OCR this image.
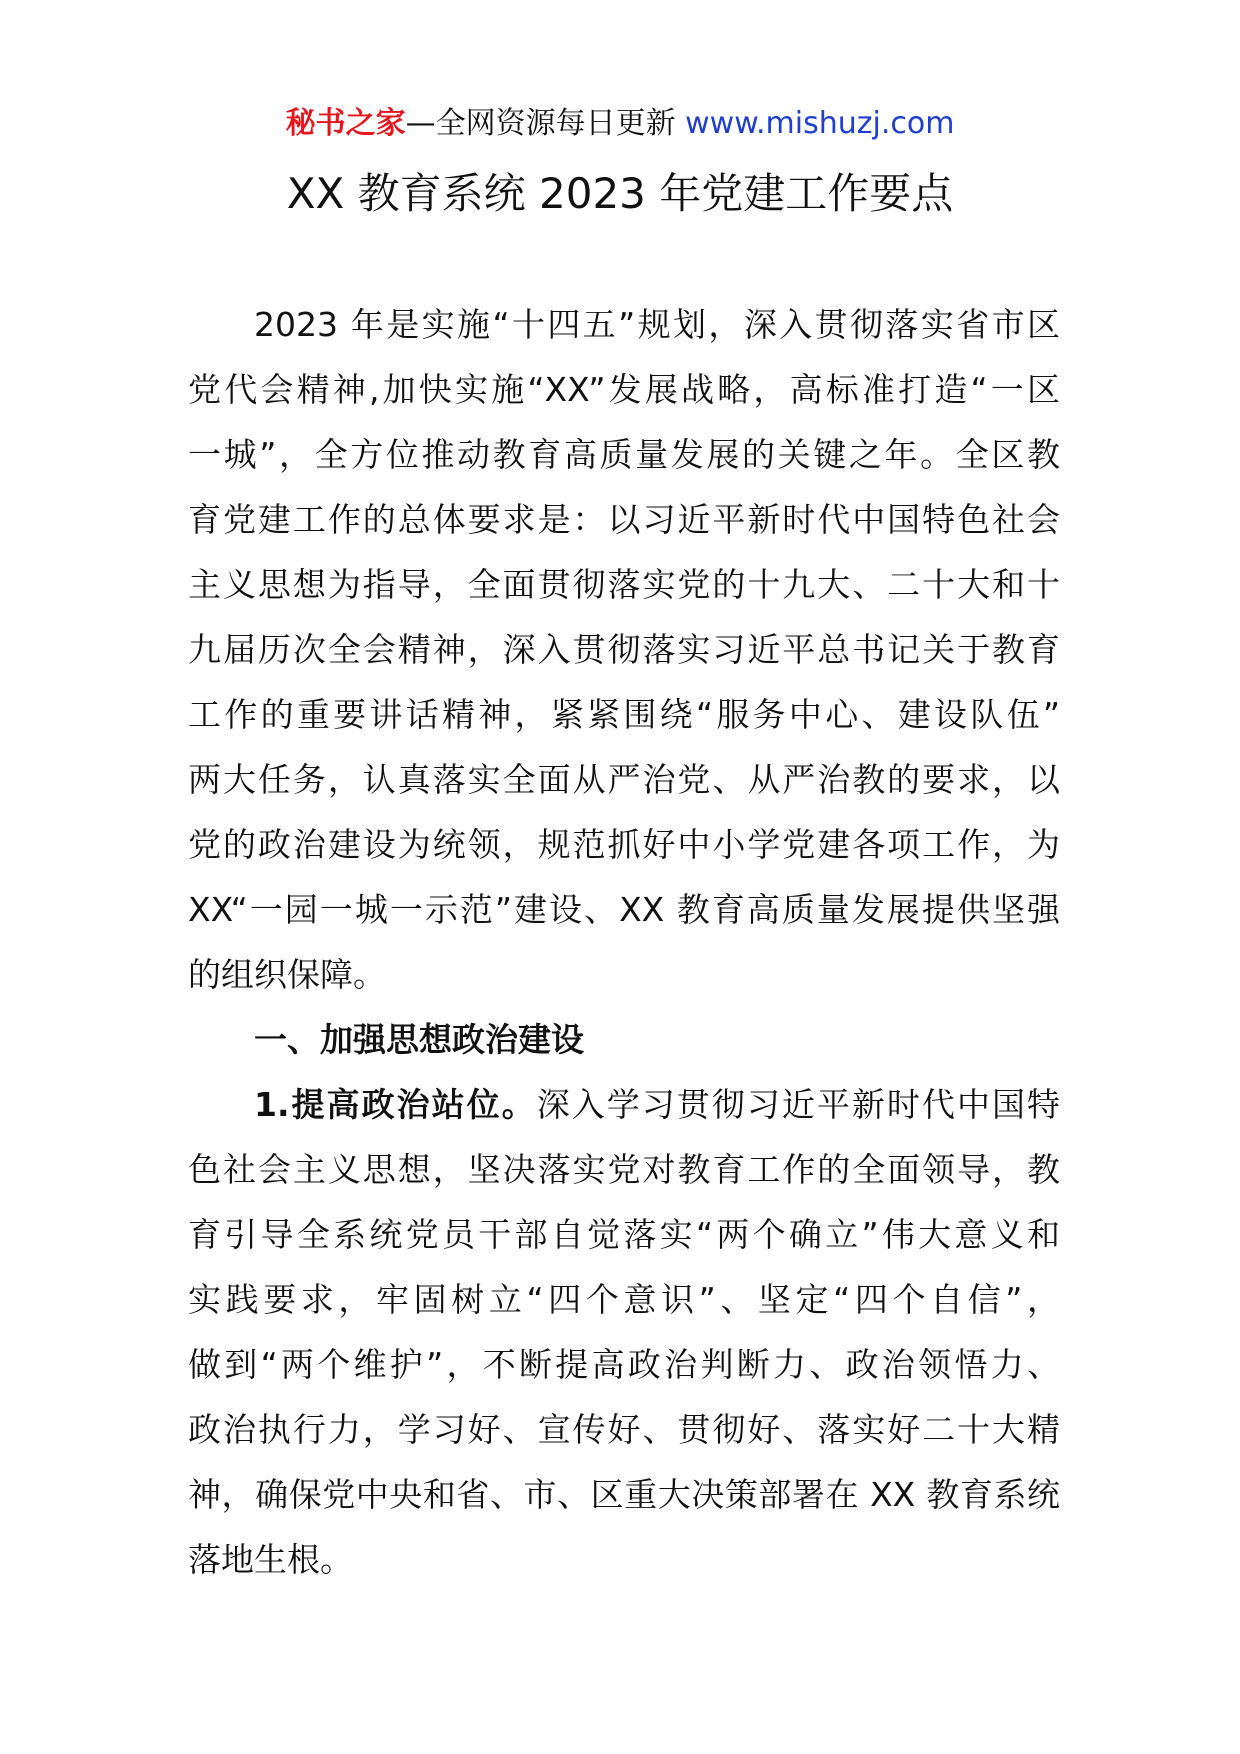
秘书之家—全网资源每日更新 www.mishuzj.com
XX 教育系统 2023 年党建工作要点
2023 年是实施“十四五”规划，深入贯彻落实省市区
党代会精神,加快实施“XX”发展战略，高标准打造“一区
一城”，全方位推动教育高质量发展的关键之年。全区教
育党建工作的总体要求是：以习近平新时代中国特色社会
主义思想为指导，全面贯彻落实党的十九大、二十大和十
九届历次全会精神，深入贯彻落实习近平总书记关于教育
工作的重要讲话精神，紧紧围绕“服务中心、建设队伍”
两大任务，认真落实全面从严治党、从严治教的要求，以
党的政治建设为统领，规范抓好中小学党建各项工作，为
XX“一园一城一示范”建设、XX 教育高质量发展提供坚强
的组织保障。
一、加强思想政治建设
1.提高政治站位。深入学习贯彻习近平新时代中国特
色社会主义思想，坚决落实党对教育工作的全面领导，教
育引导全系统党员干部自觉落实“两个确立”伟大意义和
实践要求，牢固树立“四个意识”、坚定“四个自信”，
做到“两个维护”，不断提高政治判断力、政治领悟力、
政治执行力，学习好、宣传好、贯彻好、落实好二十大精
神，确保党中央和省、市、区重大决策部署在 XX 教育系统
落地生根。
